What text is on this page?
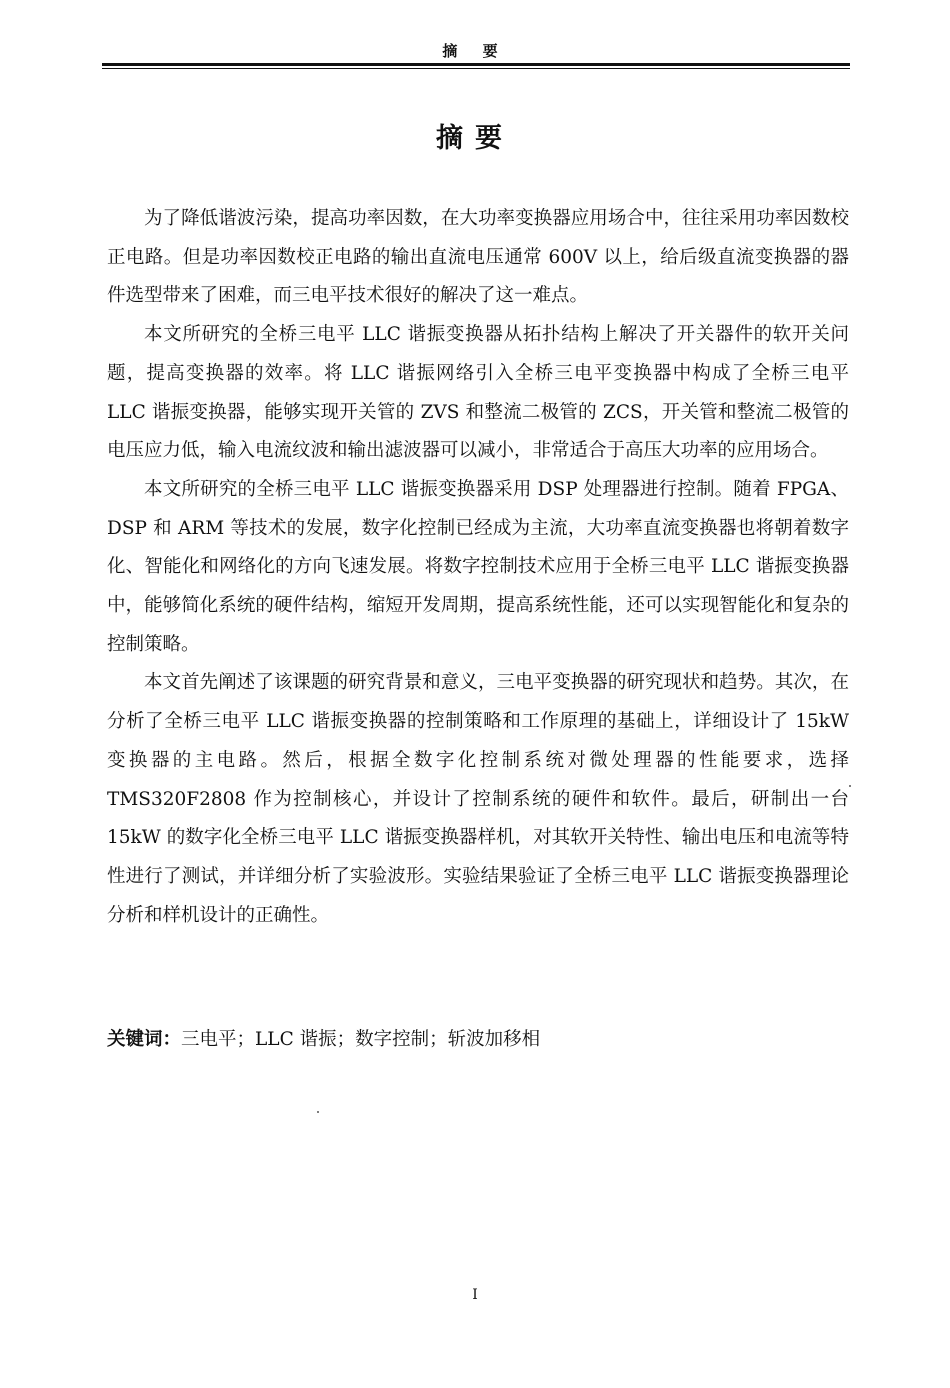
摘 要
摘要

为了降低谐波污染，提高功率因数，在大功率变换器应用场合中，往往采用功率因数校正电路。但是功率因数校正电路的输出直流电压通常 600V 以上，给后级直流变换器的器件选型带来了困难，而三电平技术很好的解决了这一难点。

本文所研究的全桥三电平 LLC 谐振变换器从拓扑结构上解决了开关器件的软开关问题，提高变换器的效率。将 LLC 谐振网络引入全桥三电平变换器中构成了全桥三电平 LLC 谐振变换器，能够实现开关管的 ZVS 和整流二极管的 ZCS，开关管和整流二极管的电压应力低，输入电流纹波和输出滤波器可以减小，非常适合于高压大功率的应用场合。

本文所研究的全桥三电平 LLC 谐振变换器采用 DSP 处理器进行控制。随着 FPGA、DSP 和 ARM 等技术的发展，数字化控制已经成为主流，大功率直流变换器也将朝着数字化、智能化和网络化的方向飞速发展。将数字控制技术应用于全桥三电平 LLC 谐振变换器中，能够简化系统的硬件结构，缩短开发周期，提高系统性能，还可以实现智能化和复杂的控制策略。

本文首先阐述了该课题的研究背景和意义，三电平变换器的研究现状和趋势。其次，在分析了全桥三电平 LLC 谐振变换器的控制策略和工作原理的基础上，详细设计了 15kW 变换器的主电路。然后，根据全数字化控制系统对微处理器的性能要求，选择 TMS320F2808 作为控制核心，并设计了控制系统的硬件和软件。最后，研制出一台 15kW 的数字化全桥三电平 LLC 谐振变换器样机，对其软开关特性、输出电压和电流等特性进行了测试，并详细分析了实验波形。实验结果验证了全桥三电平 LLC 谐振变换器理论分析和样机设计的正确性。

关键词：三电平；LLC 谐振；数字控制；斩波加移相
I
